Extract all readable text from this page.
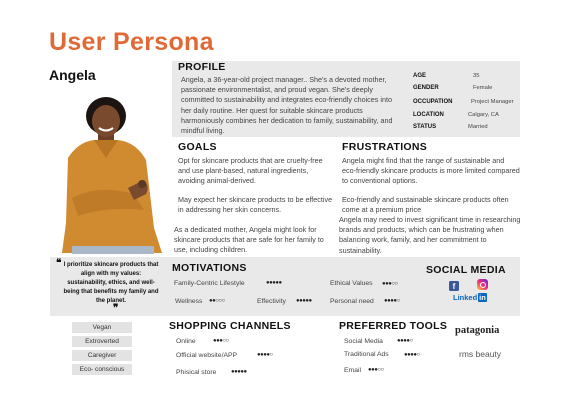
User Persona
Angela	PROFILE
Angela, a 36-year-old project manager.. She's a devoted mother, passionate environmentalist, and proud vegan. She's deeply committed to sustainability and integrates eco-friendly choices into her daily routine. Her quest for suitable skincare products harmoniously combines her dedication to family, sustainability, and mindful living.
AGE	35
GENDER	Female
OCCUPATION	Project Manager
LOCATION	Calgary, CA
STATUS	Married
GOALS
Opt for skincare products that are cruelty-free and use plant-based, natural ingredients, avoiding animal-derived.
May expect her skincare products to be effective in addressing her skin concerns.
As a dedicated mother, Angela might look for skincare products that are safe for her family to use, including children.
FRUSTRATIONS
Angela might find that the range of sustainable and eco-friendly skincare products is more limited compared to conventional options.
Eco-friendly and sustainable skincare products often come at a premium price
Angela may need to invest significant time in researching brands and products, which can be frustrating when balancing work, family, and her commitment to sustainability.
❝ I prioritize skincare products that align with my values: sustainability, ethics, and well-being that benefits my family and the planet.
❞
MOTIVATIONS
Family-Centric Lifestyle	●●●●●	Ethical Values ●●●○○
Wellness ●●○○○	Effectivity ●●●●●	Personal need ●●●●○
SOCIAL MEDIA
f
Linked in
Vegan
Extroverted
Caregiver
Eco- conscious
SHOPPING CHANNELS
Online	●●●○○
Official website/APP	●●●●○
Phisical store ●●●●●
PREFERRED TOOLS
Social Media ●●●●○
Traditional Ads	●●●●○
Email ●●●○○
patagonia
rms beauty
